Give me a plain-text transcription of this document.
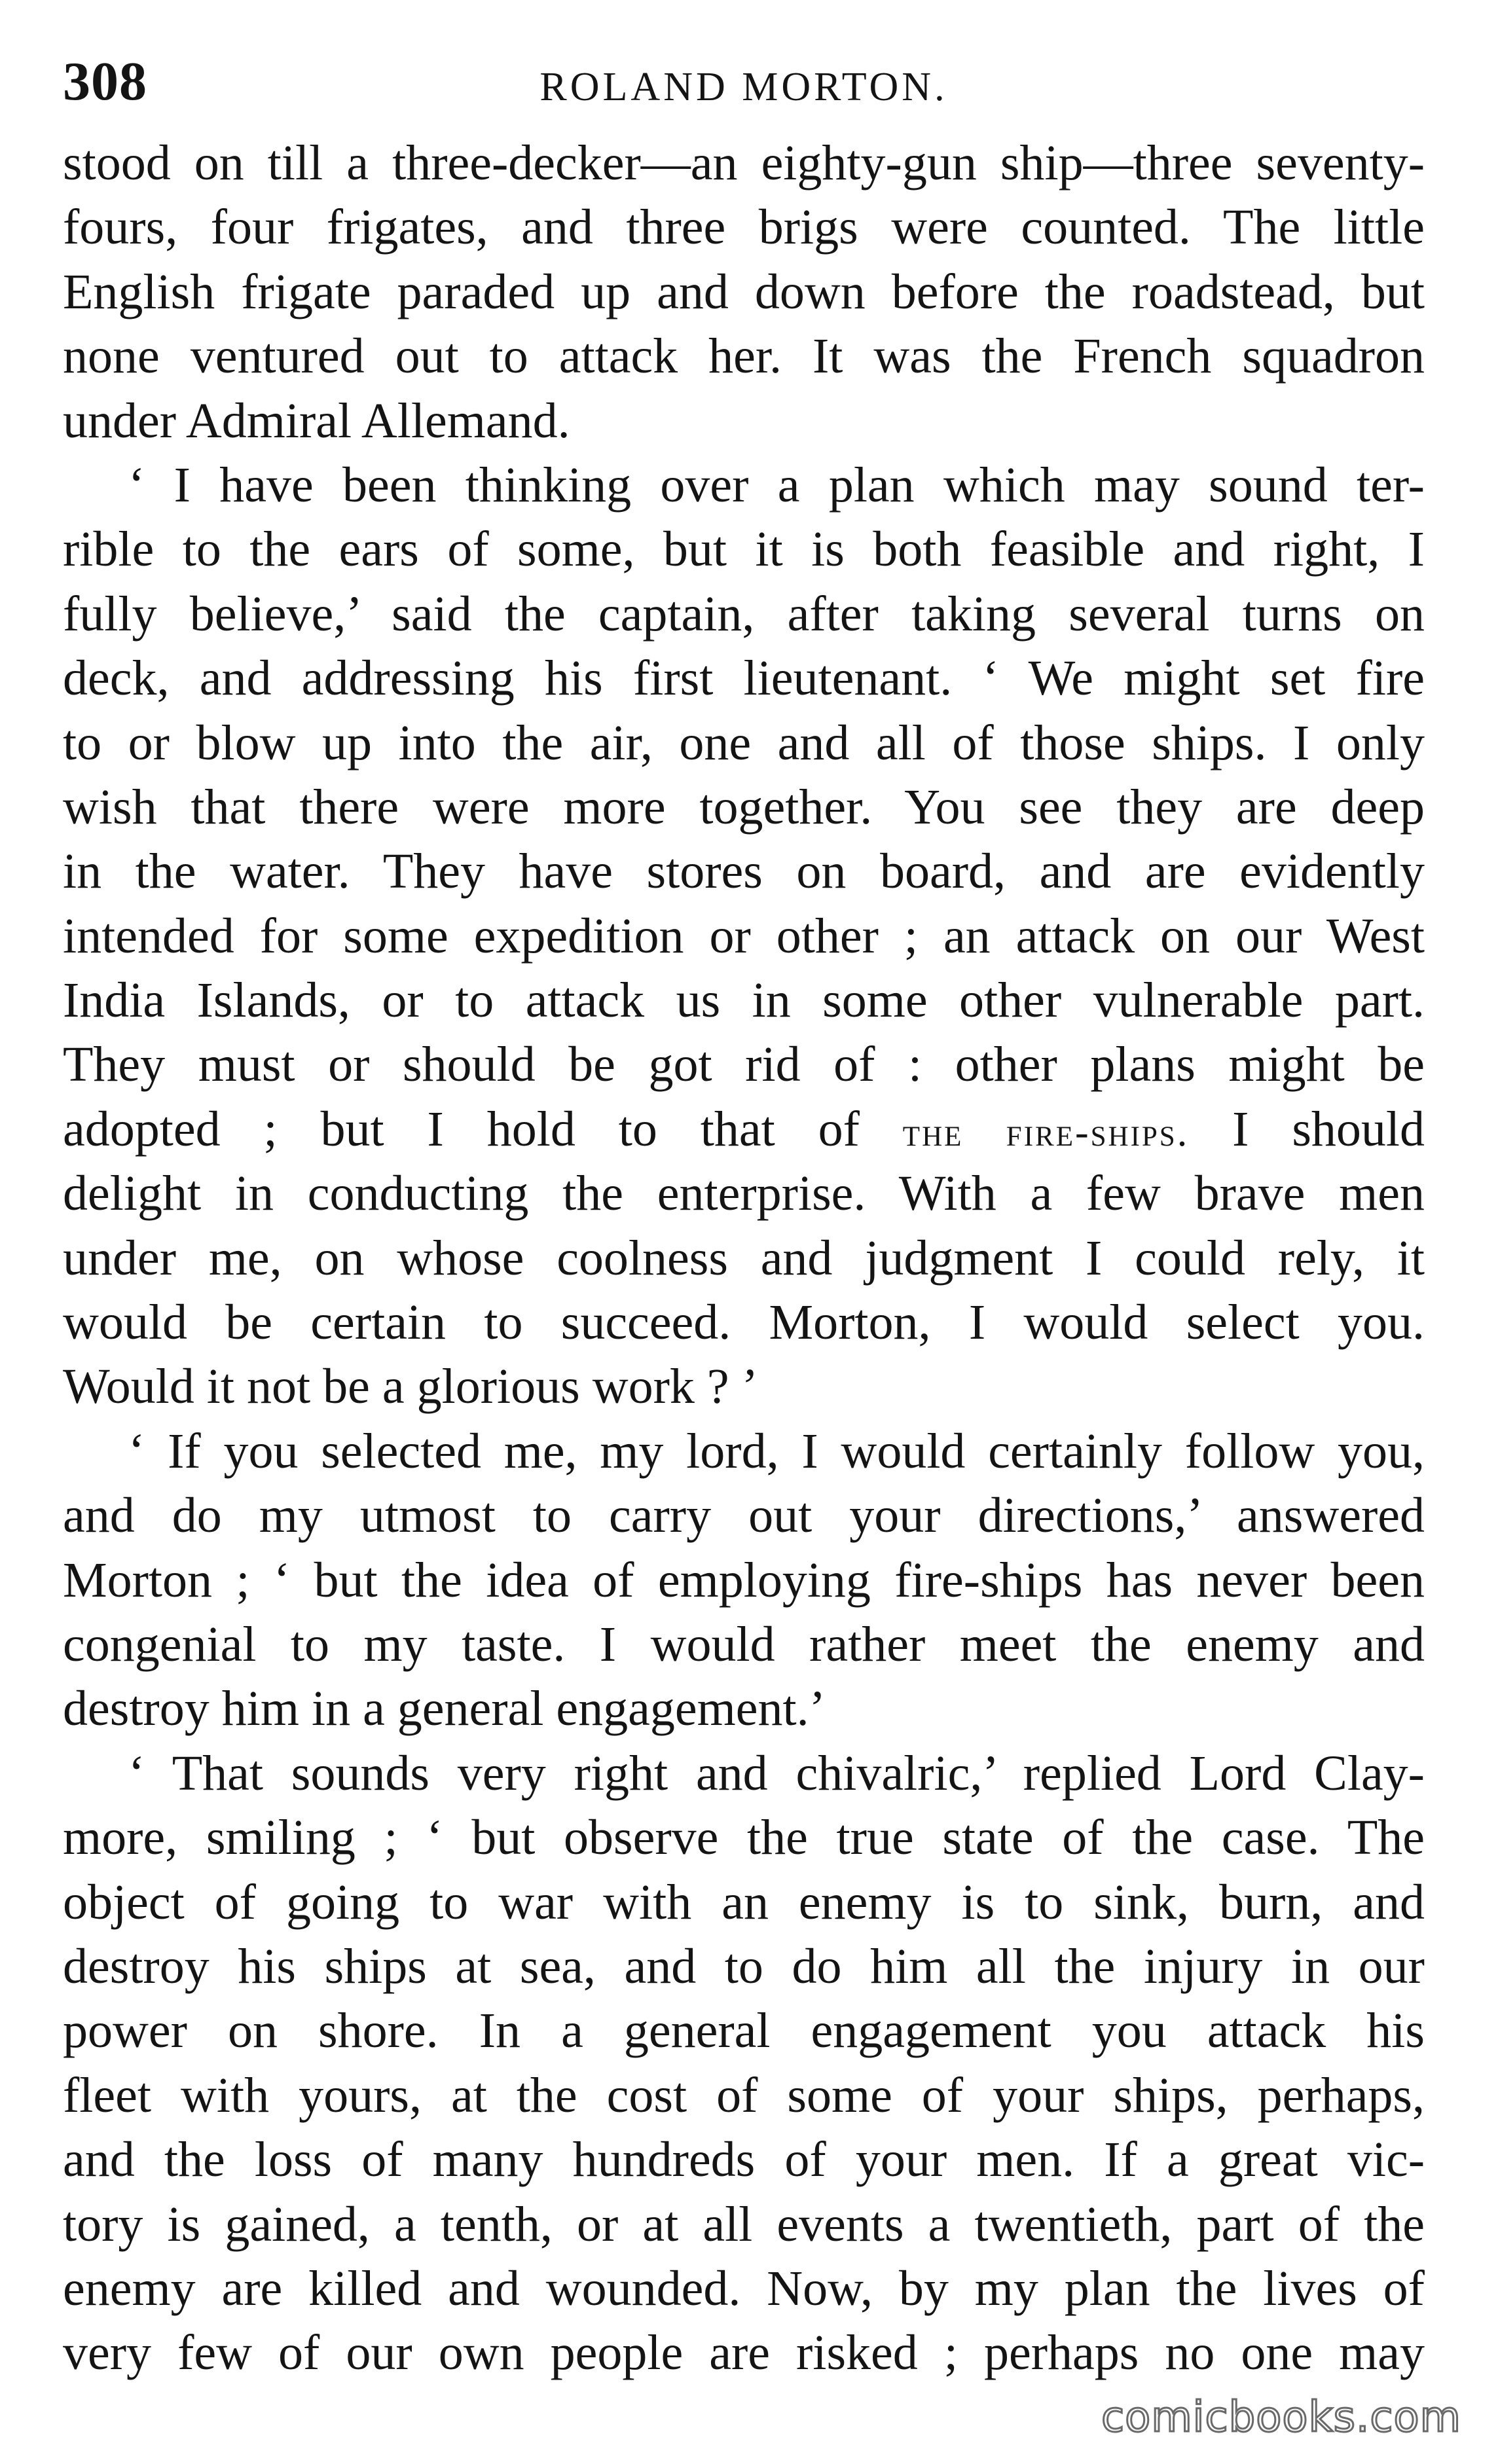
308	ROLAND MORTON.
stood on till a three-decker—an eighty-gun ship—three seventy-
fours, four frigates, and three brigs were counted. The little
English frigate paraded up and down before the roadstead, but
none ventured out to attack her. It was the French squadron
under Admiral Allemand.
‘ I have been thinking over a plan which may sound ter-
rible to the ears of some, but it is both feasible and right, I
fully believe,’ said the captain, after taking several turns on
deck, and addressing his first lieutenant. ‘ We might set fire
to or blow up into the air, one and all of those ships. I only
wish that there were more together. You see they are deep
in the water. They have stores on board, and are evidently
intended for some expedition or other ; an attack on our West
India Islands, or to attack us in some other vulnerable part.
They must or should be got rid of : other plans might be
adopted ; but I hold to that of the fire-ships. I should
delight in conducting the enterprise. With a few brave men
under me, on whose coolness and judgment I could rely, it
would be certain to succeed. Morton, I would select you.
Would it not be a glorious work ? ’
‘ If you selected me, my lord, I would certainly follow you,
and do my utmost to carry out your directions,’ answered
Morton ; ‘ but the idea of employing fire-ships has never been
congenial to my taste. I would rather meet the enemy and
destroy him in a general engagement.’
‘ That sounds very right and chivalric,’ replied Lord Clay-
more, smiling ; ‘ but observe the true state of the case. The
object of going to war with an enemy is to sink, burn, and
destroy his ships at sea, and to do him all the injury in our
power on shore. In a general engagement you attack his
fleet with yours, at the cost of some of your ships, perhaps,
and the loss of many hundreds of your men. If a great vic-
tory is gained, a tenth, or at all events a twentieth, part of the
enemy are killed and wounded. Now, by my plan the lives of
very few of our own people are risked ; perhaps no one may
comicbooks.com
